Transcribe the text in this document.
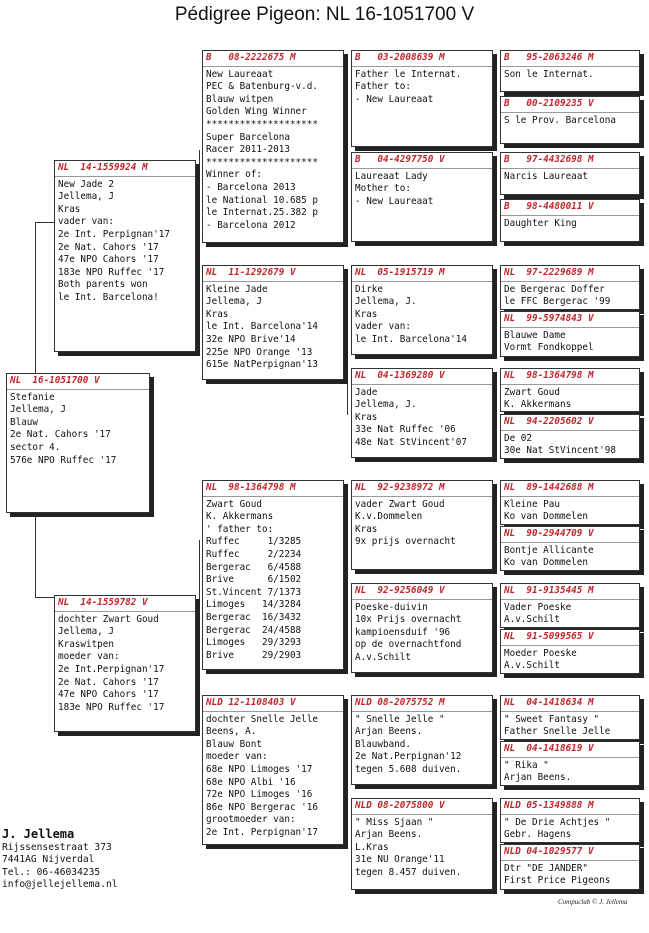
Pédigree Pigeon: NL 16-1051700 V
NL  16-1051700 V
Stefanie
Jellema, J
Blauw
2e Nat. Cahors '17
sector 4.
576e NPO Ruffec '17
NL  14-1559924 M
New Jade 2
Jellema, J
Kras
vader van:
2e Int. Perpignan'17
2e Nat. Cahors '17
47e NPO Cahors '17
183e NPO Ruffec '17
Both parents won
le Int. Barcelona!
NL  14-1559782 V
dochter Zwart Goud
Jellema, J
Kraswitpen
moeder van:
2e Int.Perpignan'17
2e Nat. Cahors '17
47e NPO Cahors '17
183e NPO Ruffec '17
B   08-2222675 M
New Laureaat
PEC & Batenburg-v.d.
Blauw witpen
Golden Wing Winner
********************
Super Barcelona
Racer 2011-2013
********************
Winner of:
- Barcelona 2013
le National 10.685 p
le Internat.25.382 p
- Barcelona 2012
NL  11-1292679 V
Kleine Jade
Jellema, J
Kras
le Int. Barcelona'14
32e NPO Brive'14
225e NPO Orange '13
615e NatPerpignan'13
NL  98-1364798 M
Zwart Goud
K. Akkermans
' father to:
Ruffec     1/3285
Ruffec     2/2234
Bergerac   6/4588
Brive      6/1502
St.Vincent 7/1373
Limoges   14/3284
Bergerac  16/3432
Bergerac  24/4588
Limoges   29/3293
Brive     29/2903
NLD 12-1108403 V
dochter Snelle Jelle
Beens, A.
Blauw Bont
moeder van:
68e NPO Limoges '17
68e NPO Albi '16
72e NPO Limoges '16
86e NPO Bergerac '16
grootmoeder van:
2e Int. Perpignan'17
B   03-2008639 M
Father le Internat.
Father to:
- New Laureaat
B   04-4297750 V
Laureaat Lady
Mother to:
- New Laureaat
NL  05-1915719 M
Dirke
Jellema, J.
Kras
vader van:
le Int. Barcelona'14
NL  04-1369280 V
Jade
Jellema, J.
Kras
33e Nat Ruffec '06
48e Nat StVincent'07
NL  92-9238972 M
vader Zwart Goud
K.v.Dommelen
Kras
9x prijs overnacht
NL  92-9256049 V
Poeske-duivin
10x Prijs overnacht
kampioensduif '96
op de overnachtfond
A.v.Schilt
NLD 08-2075752 M
" Snelle Jelle "
Arjan Beens.
Blauwband.
2e Nat.Perpignan'12
tegen 5.608 duiven.
NLD 08-2075800 V
" Miss Sjaan "
Arjan Beens.
L.Kras
31e NU Orange'11
tegen 8.457 duiven.
B   95-2063246 M
Son le Internat.
B   00-2109235 V
S le Prov. Barcelona
B   97-4432698 M
Narcis Laureaat
B   98-4480011 V
Daughter King
NL  97-2229689 M
De Bergerac Doffer
le FFC Bergerac '99
NL  99-5974843 V
Blauwe Dame
Vormt Fondkoppel
NL  98-1364798 M
Zwart Goud
K. Akkermans
NL  94-2205602 V
De 02
30e Nat StVincent'98
NL  89-1442688 M
Kleine Pau
Ko van Dommelen
NL  90-2944709 V
Bontje Allicante
Ko van Dommelen
NL  91-9135445 M
Vader Poeske
A.v.Schilt
NL  91-5099565 V
Moeder Poeske
A.v.Schilt
NL  04-1418634 M
" Sweet Fantasy "
Father Snelle Jelle
NL  04-1418619 V
" Rika "
Arjan Beens.
NLD 05-1349888 M
" De Drie Achtjes "
Gebr. Hagens
NLD 04-1029577 V
Dtr "DE JANDER"
First Price Pigeons
J. Jellema
Rijssensestraat 373
7441AG Nijverdal
Tel.: 06-46034235
info@jellejellema.nl
Compuclub © J. Jellema
